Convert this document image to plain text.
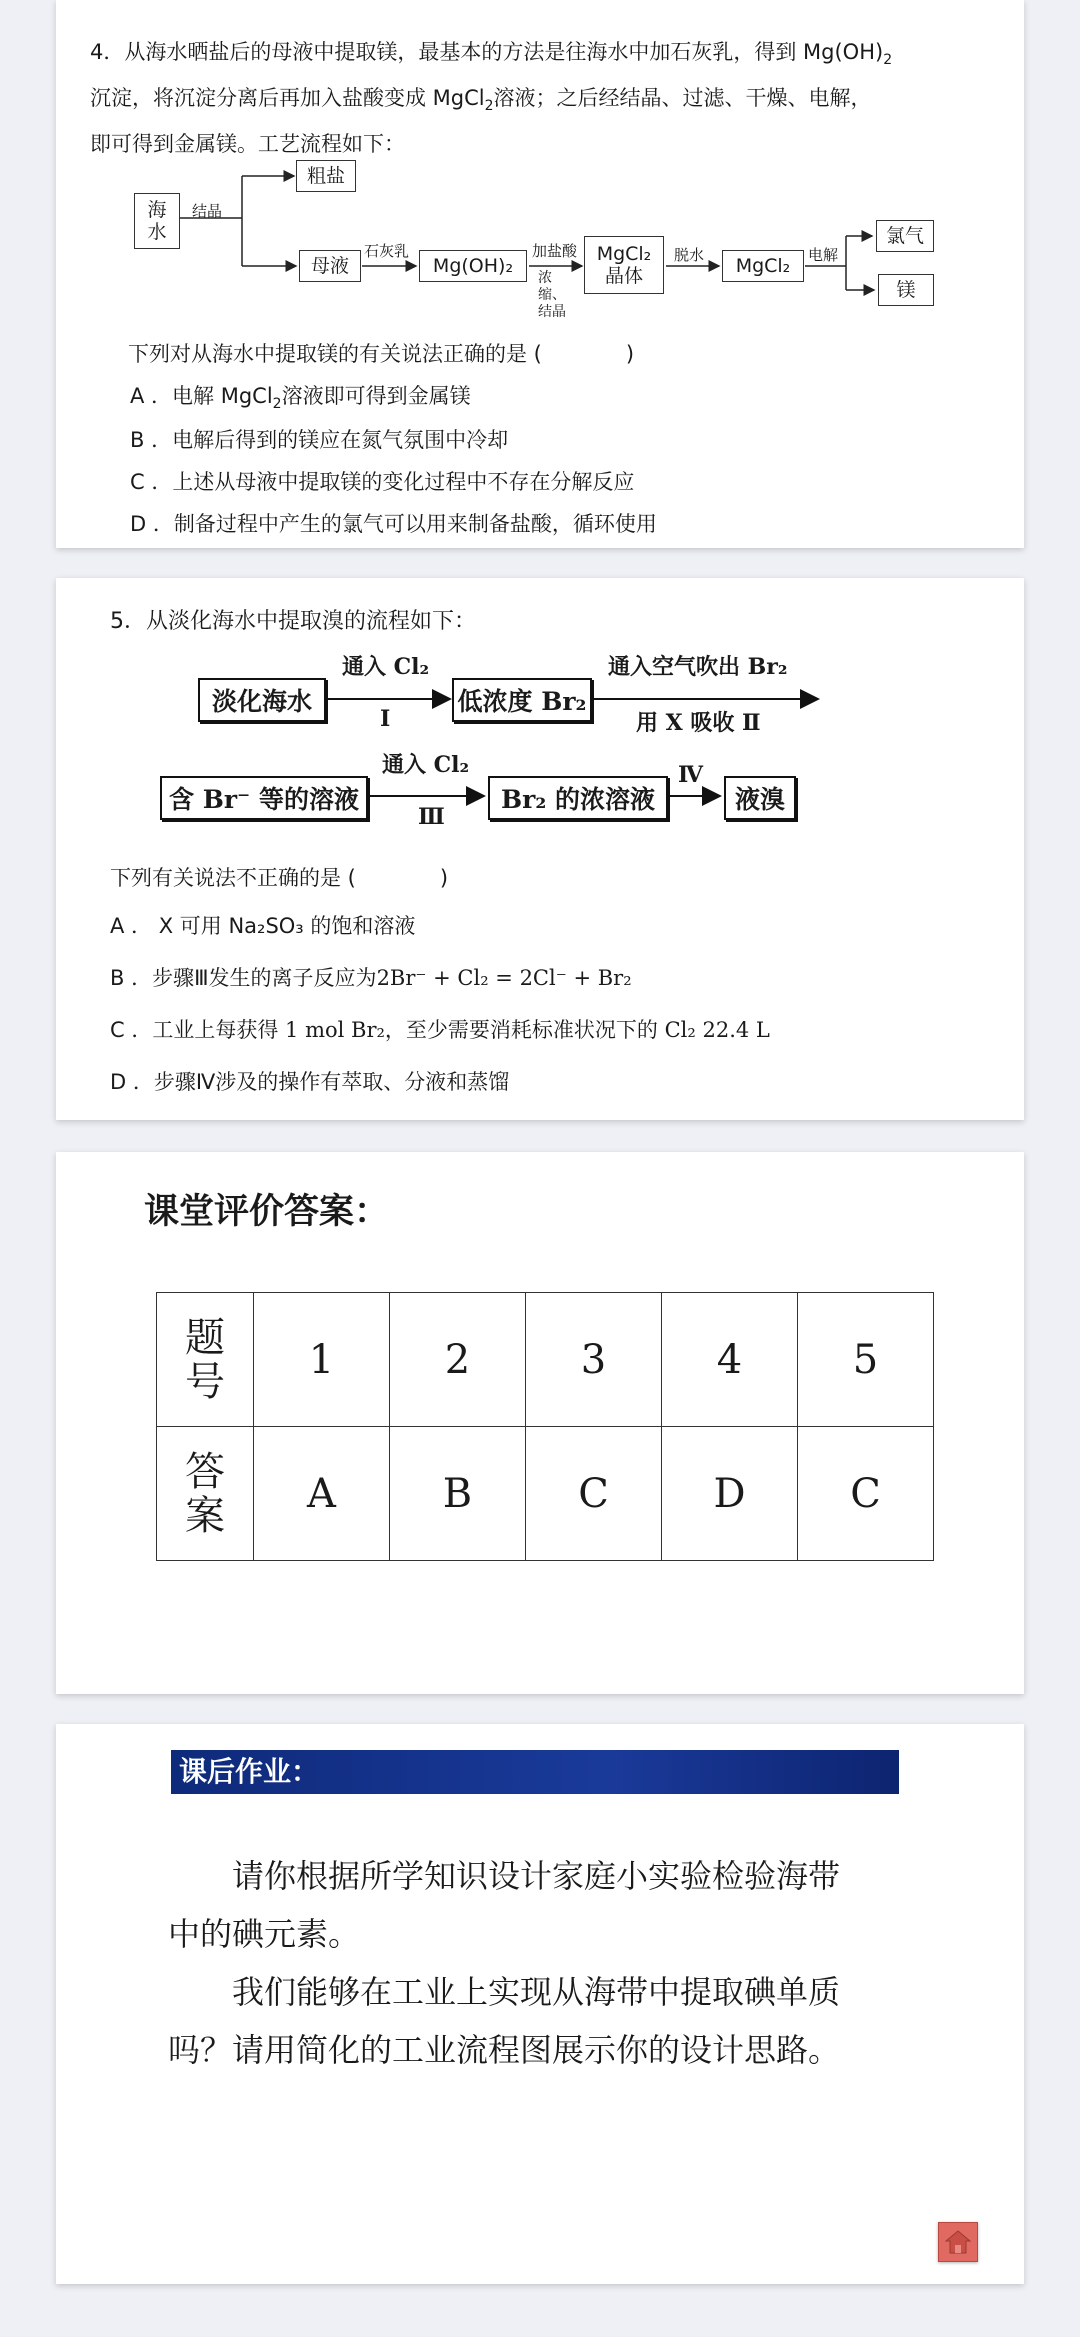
4．从海水晒盐后的母液中提取镁，最基本的方法是往海水中加石灰乳，得到 $Mg(OH)_2$
沉淀，将沉淀分离后再加入盐酸变成 MgCl$_2$溶液；之后经结晶、过滤、干燥、电解，
即可得到金属镁。工艺流程如下：
海水
结晶
粗盐
母液
石灰乳
Mg(OH)₂
加盐酸
浓缩、结晶
MgCl₂晶体
脱水	MgCl₂	电解
氯气
镁
下列对从海水中提取镁的有关说法正确的是 (　　　　)
A ．电解 MgCl$_2$溶液即可得到金属镁
B ．电解后得到的镁应在氮气氛围中冷却
C ．上述从母液中提取镁的变化过程中不存在分解反应
D ．制备过程中产生的氯气可以用来制备盐酸，循环使用
5．从淡化海水中提取溴的流程如下：
淡化海水
通入 Cl₂
Ⅰ
低浓度 Br₂
通入空气吹出 Br₂
用 X 吸收 Ⅱ
含 Br⁻ 等的溶液
通入 Cl₂
Ⅲ
Br₂ 的浓溶液
Ⅳ
液溴
下列有关说法不正确的是 (　　　　)
A ． X 可用 Na₂SO₃ 的饱和溶液
B ．步骤Ⅲ发生的离子反应为2Br⁻ + Cl₂ = 2Cl⁻ + Br₂
C ．工业上每获得 1 mol Br₂，至少需要消耗标准状况下的 Cl₂ 22.4 L
D ．步骤Ⅳ涉及的操作有萃取、分液和蒸馏
课堂评价答案：
题号	1	2	3	4	5

答案	A	B	C	D	C
课后作业：
　　请你根据所学知识设计家庭小实验检验海带
中的碘元素。
　　我们能够在工业上实现从海带中提取碘单质
吗？请用简化的工业流程图展示你的设计思路。
